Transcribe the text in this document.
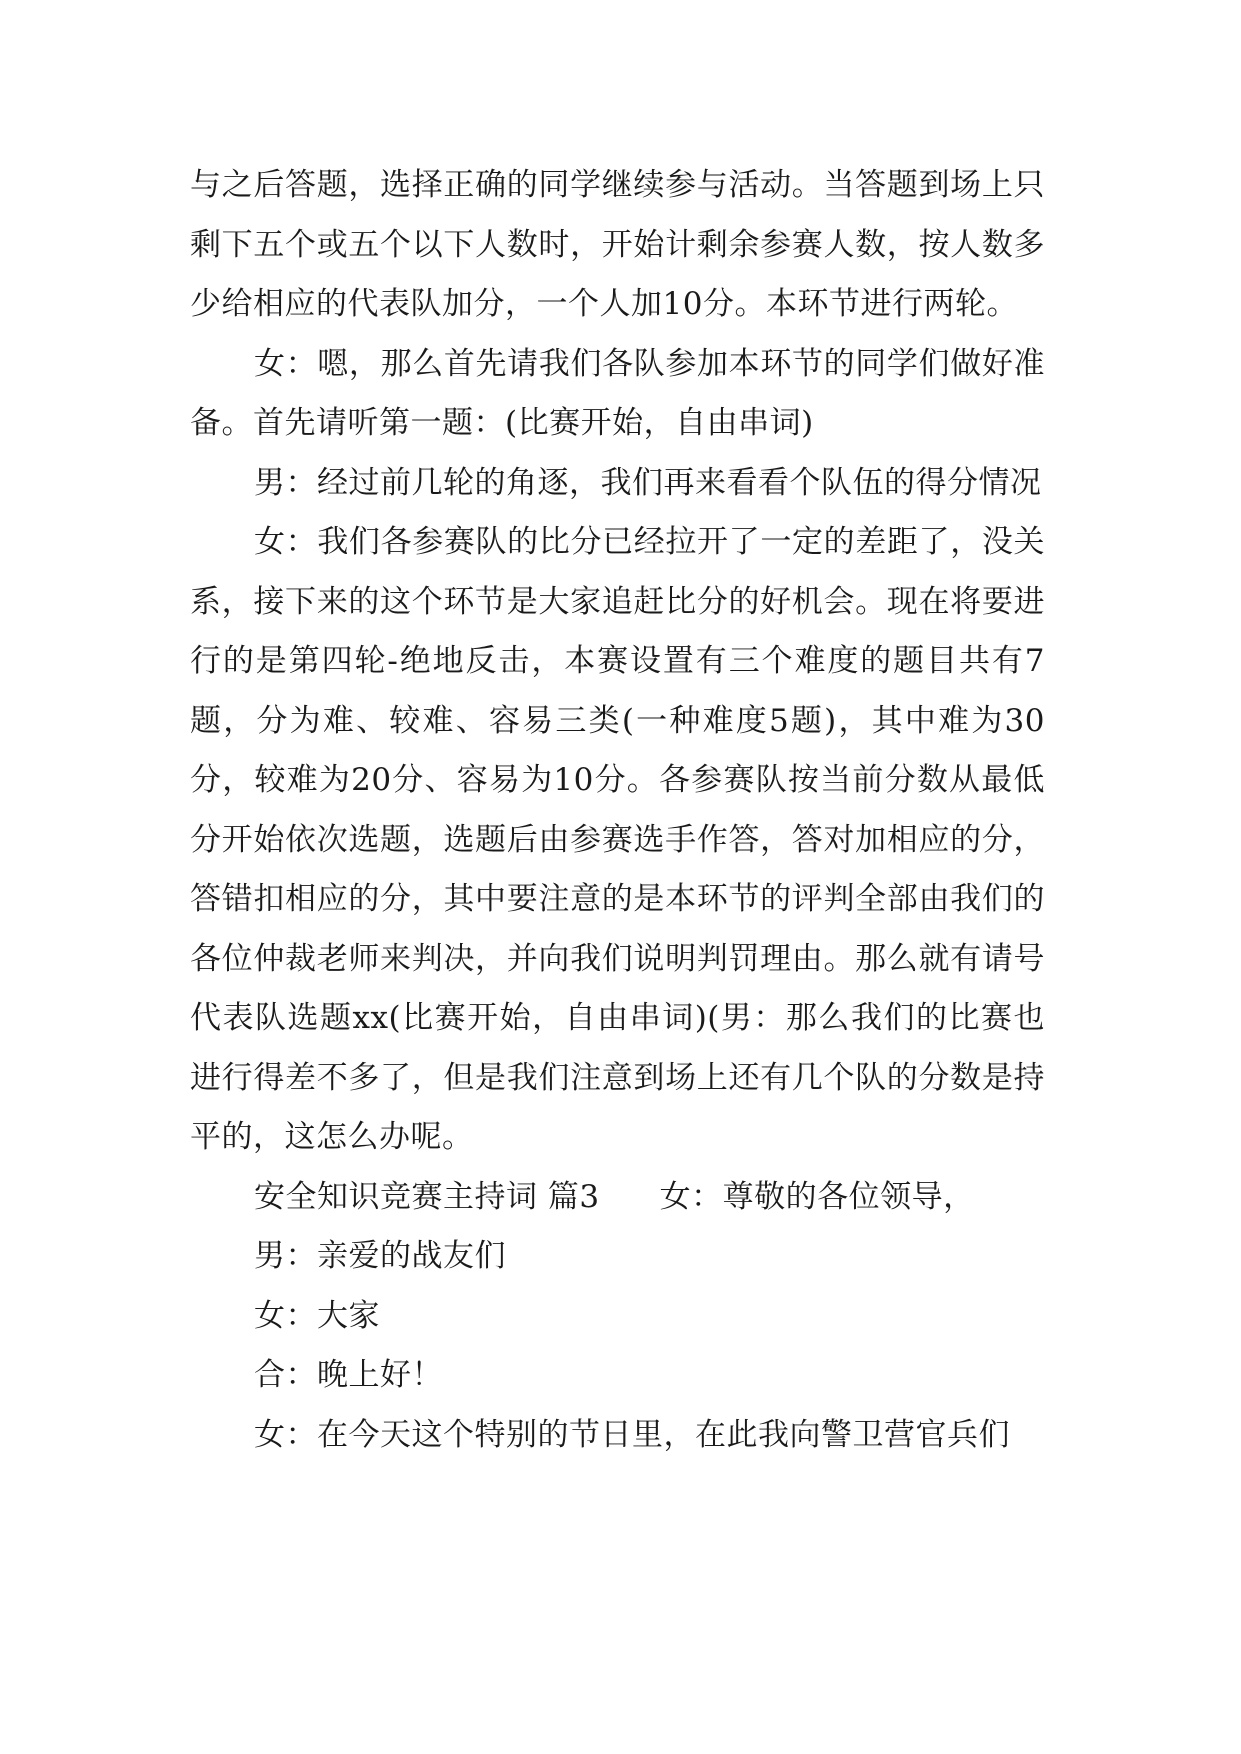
与之后答题，选择正确的同学继续参与活动。当答题到场上只剩下五个或五个以下人数时，开始计剩余参赛人数，按人数多少给相应的代表队加分，一个人加10分。本环节进行两轮。

女：嗯，那么首先请我们各队参加本环节的同学们做好准备。首先请听第一题：(比赛开始，自由串词)

男：经过前几轮的角逐，我们再来看看个队伍的得分情况

女：我们各参赛队的比分已经拉开了一定的差距了，没关系，接下来的这个环节是大家追赶比分的好机会。现在将要进行的是第四轮-绝地反击，本赛设置有三个难度的题目共有7题，分为难、较难、容易三类(一种难度5题)，其中难为30分，较难为20分、容易为10分。各参赛队按当前分数从最低分开始依次选题，选题后由参赛选手作答，答对加相应的分，答错扣相应的分，其中要注意的是本环节的评判全部由我们的各位仲裁老师来判决，并向我们说明判罚理由。那么就有请号代表队选题xx(比赛开始，自由串词)(男：那么我们的比赛也进行得差不多了，但是我们注意到场上还有几个队的分数是持平的，这怎么办呢。

安全知识竞赛主持词 篇3 女：尊敬的各位领导，

男：亲爱的战友们

女：大家

合：晚上好！

女：在今天这个特别的节日里，在此我向警卫营官兵们
